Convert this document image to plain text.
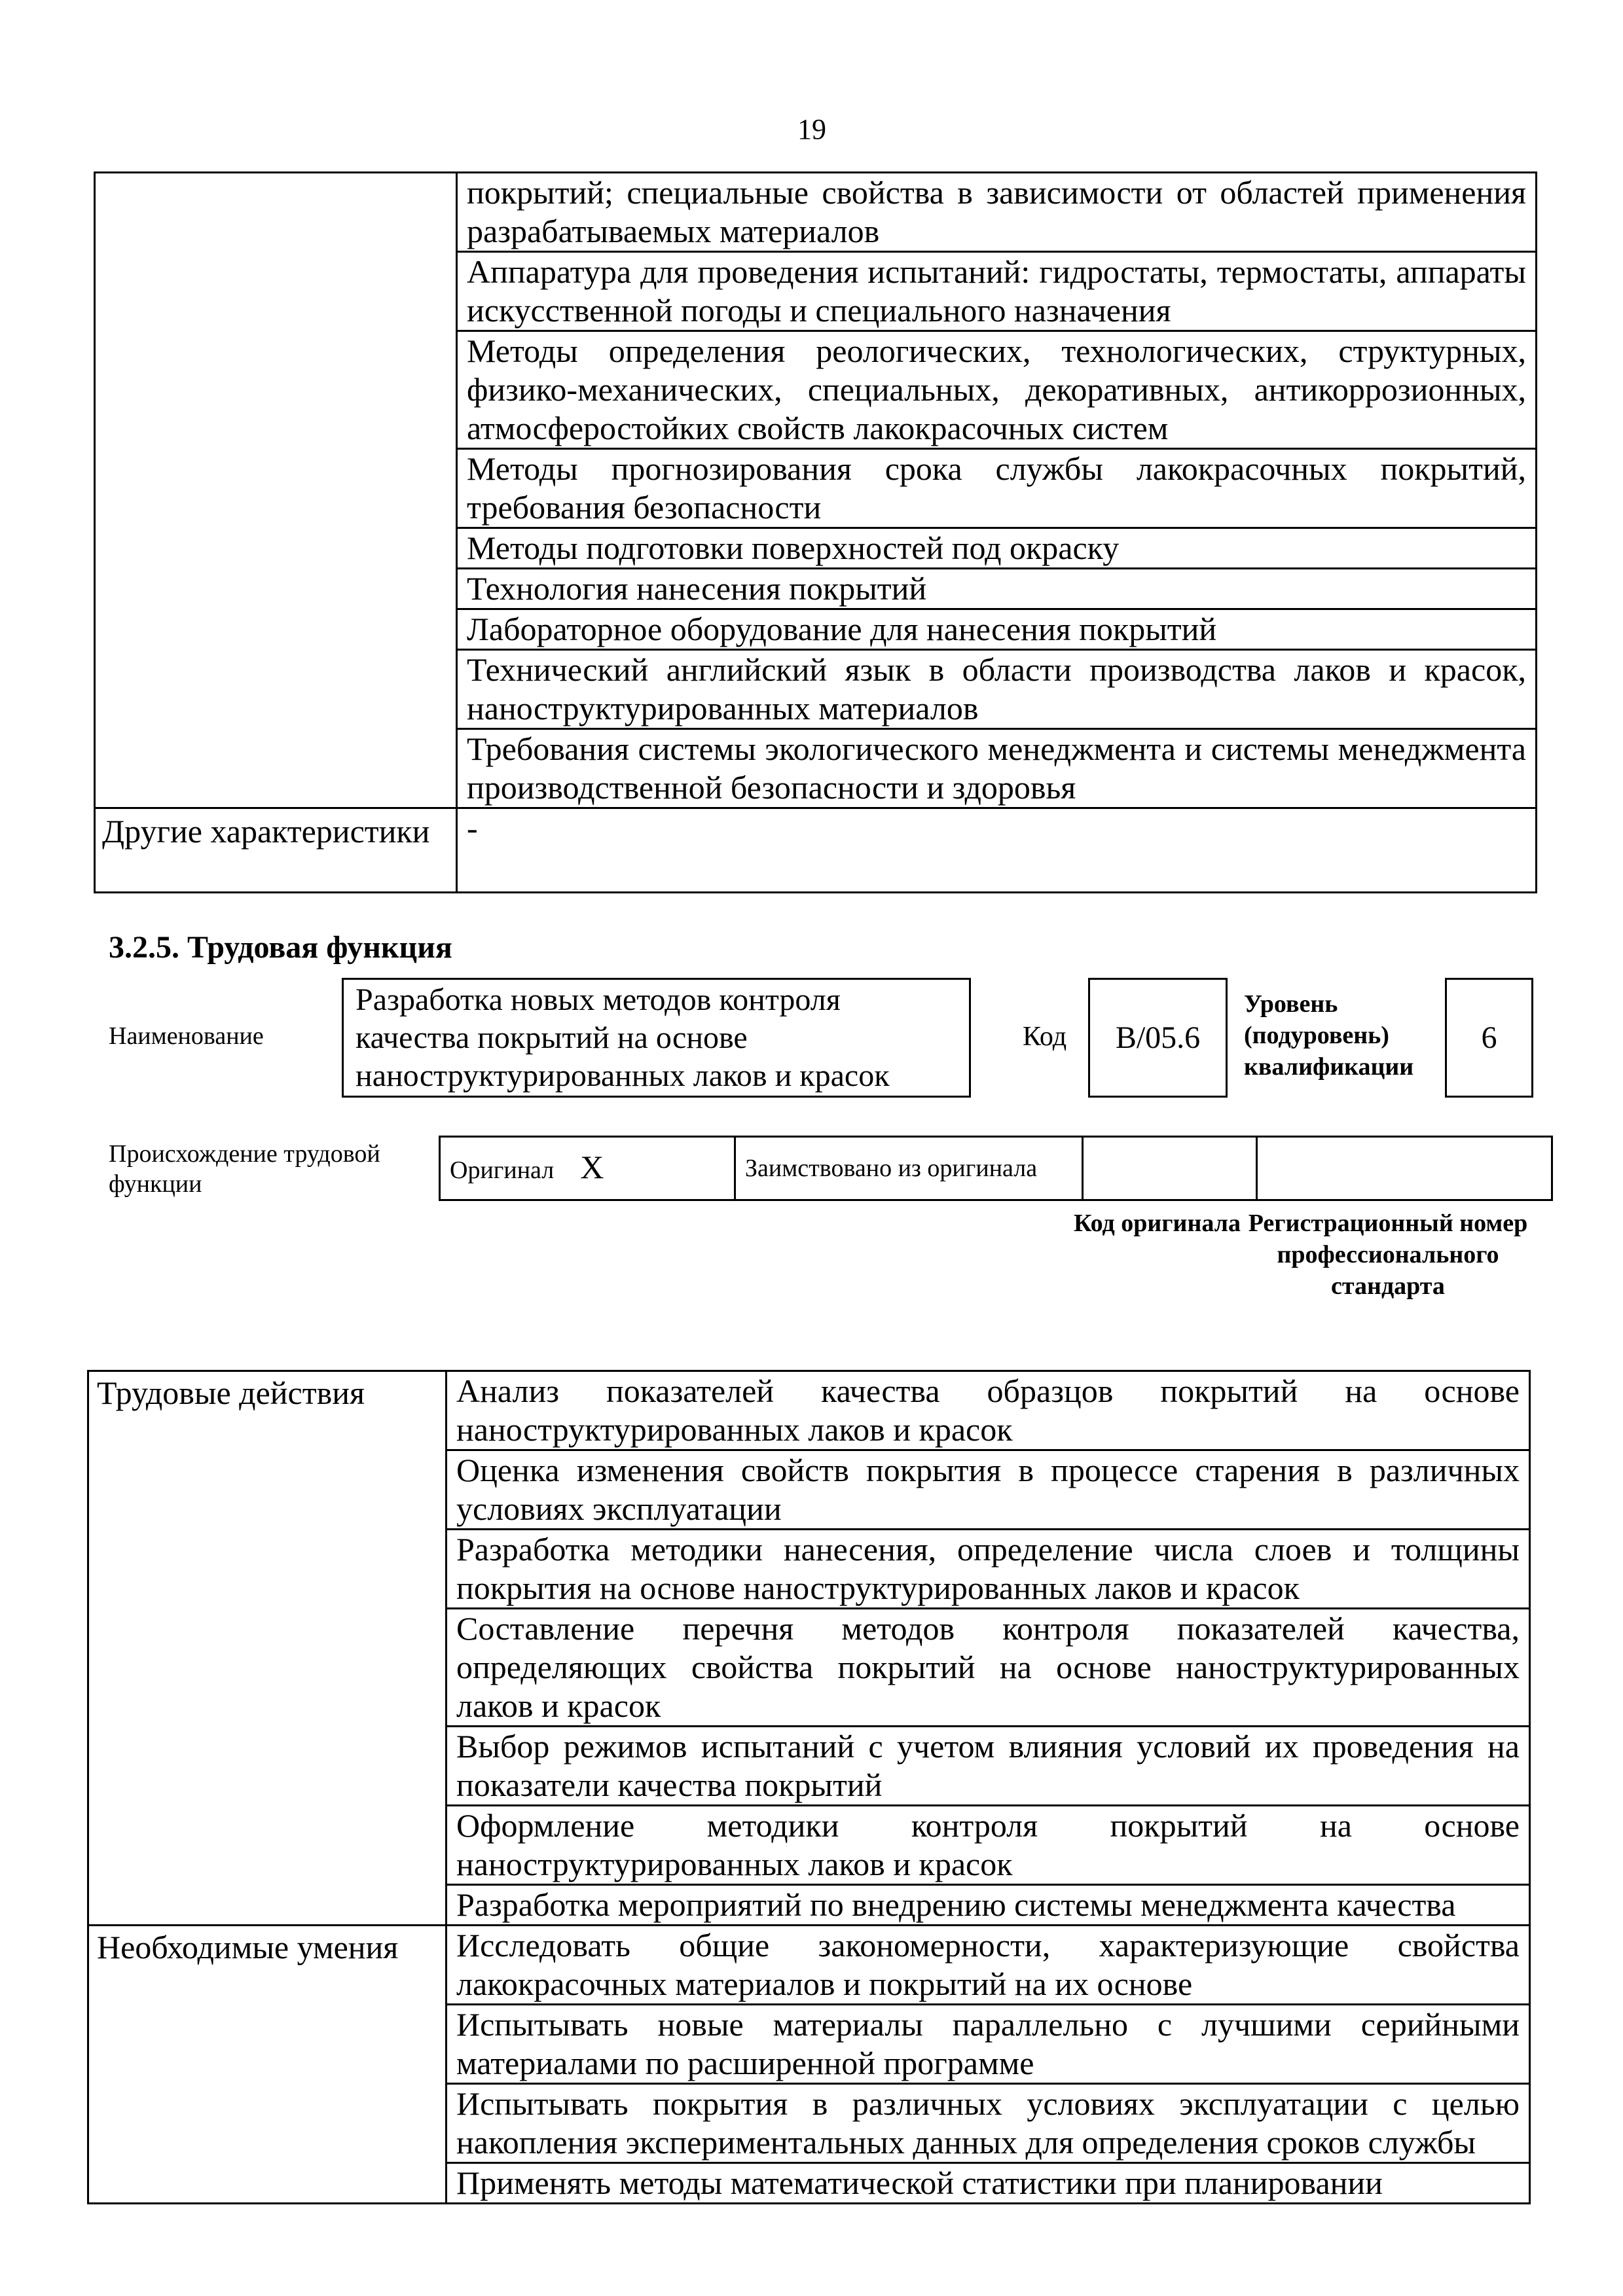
19
	покрытий; специальные свойства в зависимости от областей применения разрабатываемых материалов
	Аппаратура для проведения испытаний: гидростаты, термостаты, аппараты искусственной погоды и специального назначения
	Методы определения реологических, технологических, структурных, физико-механических, специальных, декоративных, антикоррозионных, атмосферостойких свойств лакокрасочных систем
	Методы прогнозирования срока службы лакокрасочных покрытий, требования безопасности
	Методы подготовки поверхностей под окраску
	Технология нанесения покрытий
	Лабораторное оборудование для нанесения покрытий
	Технический английский язык в области производства лаков и красок, наноструктурированных материалов
	Требования системы экологического менеджмента и системы менеджмента производственной безопасности и здоровья
Другие характеристики	-
3.2.5. Трудовая функция
Наименование
Разработка новых методов контроля качества покрытий на основе наноструктурированных лаков и красок
Код	B/05.6
Уровень (подуровень) квалификации
6
Происхождение трудовой функции
Оригинал X	Заимствовано из оригинала		
Код оригинала Регистрационный номер профессионального стандарта
Трудовые действия	Анализ показателей качества образцов покрытий на основе наноструктурированных лаков и красок
	Оценка изменения свойств покрытия в процессе старения в различных условиях эксплуатации
	Разработка методики нанесения, определение числа слоев и толщины покрытия на основе наноструктурированных лаков и красок
	Составление перечня методов контроля показателей качества, определяющих свойства покрытий на основе наноструктурированных лаков и красок
	Выбор режимов испытаний с учетом влияния условий их проведения на показатели качества покрытий
	Оформление методики контроля покрытий на основе наноструктурированных лаков и красок
	Разработка мероприятий по внедрению системы менеджмента качества
Необходимые умения	Исследовать общие закономерности, характеризующие свойства лакокрасочных материалов и покрытий на их основе
	Испытывать новые материалы параллельно с лучшими серийными материалами по расширенной программе
	Испытывать покрытия в различных условиях эксплуатации с целью накопления экспериментальных данных для определения сроков службы
	Применять методы математической статистики при планировании
